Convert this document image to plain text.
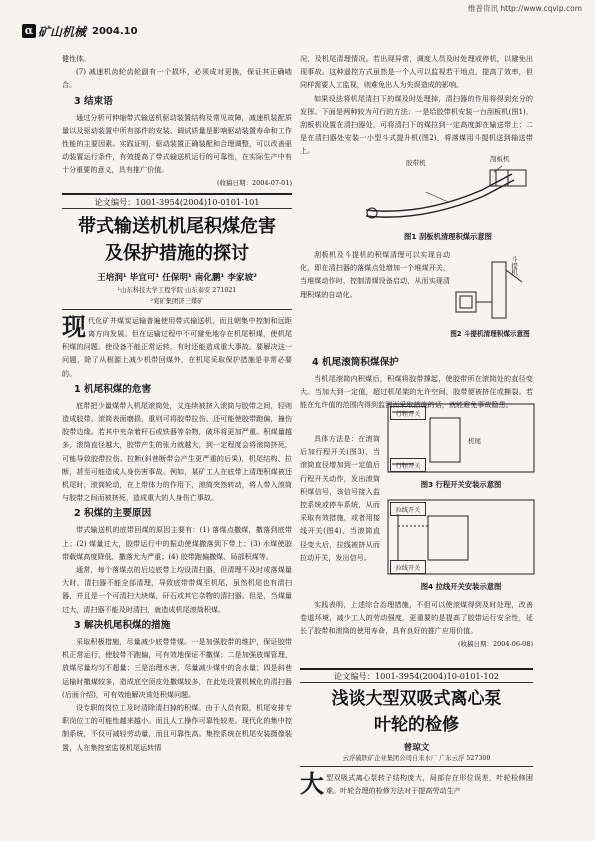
α 矿山机械 2004.10
维普资讯 http://www.cqvip.com

健性体。

(7) 减速机齿轮齿轮副有一个损坏，必须成对更换，保证其正确啮合。

3 结束语

通过分析可伸缩带式输送机驱动装置结构及常见故障，减速机装配质量以及驱动装置中所有部件的安装、调试质量是影响驱动装置寿命和工作性能的主要因素。实践证明，驱动装置正确装配和合理调整，可以改善驱动装置运行条件，有效提高了带式输送机运行的可靠性，在实际生产中有十分重要的意义，具有推广价值。

(收稿日期：2004-07-01)
论文编号：1001-3954(2004)10-0101-101
带式输送机机尾积煤危害
及保护措施的探讨
王培润¹ 毕宜可¹ 任保明¹ 南化鹏¹ 李家坡²
¹山东科技大学工程学院 山东泰安 271021
²兖矿集团济三煤矿
现 代化矿井煤炭运输普遍使用带式输送机，而且朝集中控制和远距离方向发展。但在运输过程中不可避免地存在机尾积煤，使机尾积煤的问题。使设备不能正常运转，有时还能造成重大事故。要解决这一问题，除了从根源上减少机带回煤外，在机尾采取保护措施是非常必要的。

1 机尾积煤的危害

底带把少量煤带入机尾滚筒处，又连续被挤入滚筒与胶带之间，轻则造成胶带、滚筒表面磨损，重则可将胶带拉伤、还可能使胶带跑偏，撞伤胶带边缘。若其中夹杂着杆石或铁器等杂物，破坏将更加严重。积煤量越多，滚筒直径越大，胶带产生的张力就越大，到一定程度会将滚筒挤死，可能导致胶带拉伤、拉断(斜巷断带会产生更严重的后果)，机尾结构、拉断，甚至可能造成人身伤害事故。例如，某矿工人在底带上清理积煤被还机尾时，滚筒轮动，在上带体力的作用下，滚筒突然转动，将人带入滚筒与胶带之间而被挤死，造成重大的人身伤亡事故。

2 积煤的主要原因

带式输送机的底带回煤的原因主要有：(1) 落煤点撒煤，撒落到底带上；(2) 煤量过大，胶带运行中的振动使煤撒落到下带上；(3) 水煤使胶带载煤高度降低，撒落尤为严重；(4) 胶带跑偏撒煤、局部积煤等。

通常，每个落煤点的后边底带上均设清扫器，但清理不及时或落煤量大时，清扫器不能全部清理，导致底带带煤至机尾，虽然机尾也有清扫器，并且是一个可清扫大块煤，矸石或其它杂物的清扫器。但是，当煤量过大，清扫器不能及时清扫，就造成机尾滚筒积煤。

3 解决机尾积煤的措施

采取积极措施，尽量减少底带带煤。一是加强胶带的维护，保证胶带机正常运行，使胶带不跑偏，可有效地保证不撒煤；二是加强放煤管理，放煤尽量均匀不超量；三是治理水害，尽量减少煤中的含水量；四是斜巷运输时撒煤较多，造成底空顶皮处撒煤较多，在此处设置机械化的清扫器(后面介绍)，可有效地解决该处积煤问题。

设专职的岗位工及时清除清扫掉的积煤。由于人员有限，机尾安排专职岗位工的可能性越来越小。而且人工操作可靠性较差。现代化的集中控制系统，不仅可减轻劳动量，而且可靠性高。集控系统在机尾安装摄像装置，人在集控室监视机尾运转情

况，及机尾清理情况。若出现异常，调度人员及时处理或停机，以避免出现事故。这种遥控方式虽然是一个人可以监视若干地点，提高了效率，但同样需要人工监视，则难免出人为失误造成的影响。

如果设法将机尾清扫下的煤及时处理掉，清扫器的作用将得到充分的发挥。下面是两种较为可行的方法：一是给胶带机安装一台刮板机(图1)，刮板机设置在清扫器处，可将清扫下的煤拉到一定高度卸在输送带上；二是在清扫器处安装一小型斗式提升机(图2)，将落煤用斗提机送到输送带上。

胶带机	刮板机
图1 刮板机清理积煤示意图

刮板机及斗提机的积煤清理可以实现自动化，即在清扫器的落煤点处增加一个堆煤开关，当堆煤动作时，控制清煤设备启动，从而实现清理积煤的自动化。

斗提机
图2 斗提机清理积煤示意图
4 机尾滚筒积煤保护

当机尾滚筒内积煤后，积煤将胶带撑起，使胶带所在滚筒处的直径变大。当加大到一定值，超过机尾架的允许空间，胶带便被挤住或撕裂。若能在允许值的范围内得到监测而采取措施的话，就能避免事故隐患。

具体方法是：在滚筒后加行程开关(图3)，当滚筒直径增加到一定值后行程开关动作，发出滚筒积煤信号，该信号接入监控系统或停车系统，从而采取有效措施，或者用接线开关(图4)，当滚筒直径变大后，拉线被挤从而拉动开关，发出信号。

行程开关
机尾
行程开关
图3 行程开关安装示意图
拉线开关
拉线开关
图4 拉线开关安装示意图

实践表明，上述综合治理措施，不但可以使滚煤得到及时处理，改善卷道环境，减少工人的劳动强度，更重要的是提高了胶带运行安全性，延长了胶带和滚筒的使用寿命，具有良好的推广应用价值。

(收稿日期：2004-06-08)
论文编号：1001-3954(2004)10-0101-102
浅谈大型双吸式离心泵
叶轮的检修
曾琼文
云浮硫铁矿企业集团公司自来水厂 广东云浮 527300
大 型双吸式离心泵转子结构庞大，局部存在形位误差，叶轮检修困难。叶轮合理的检修方法对于提高劳动生产
